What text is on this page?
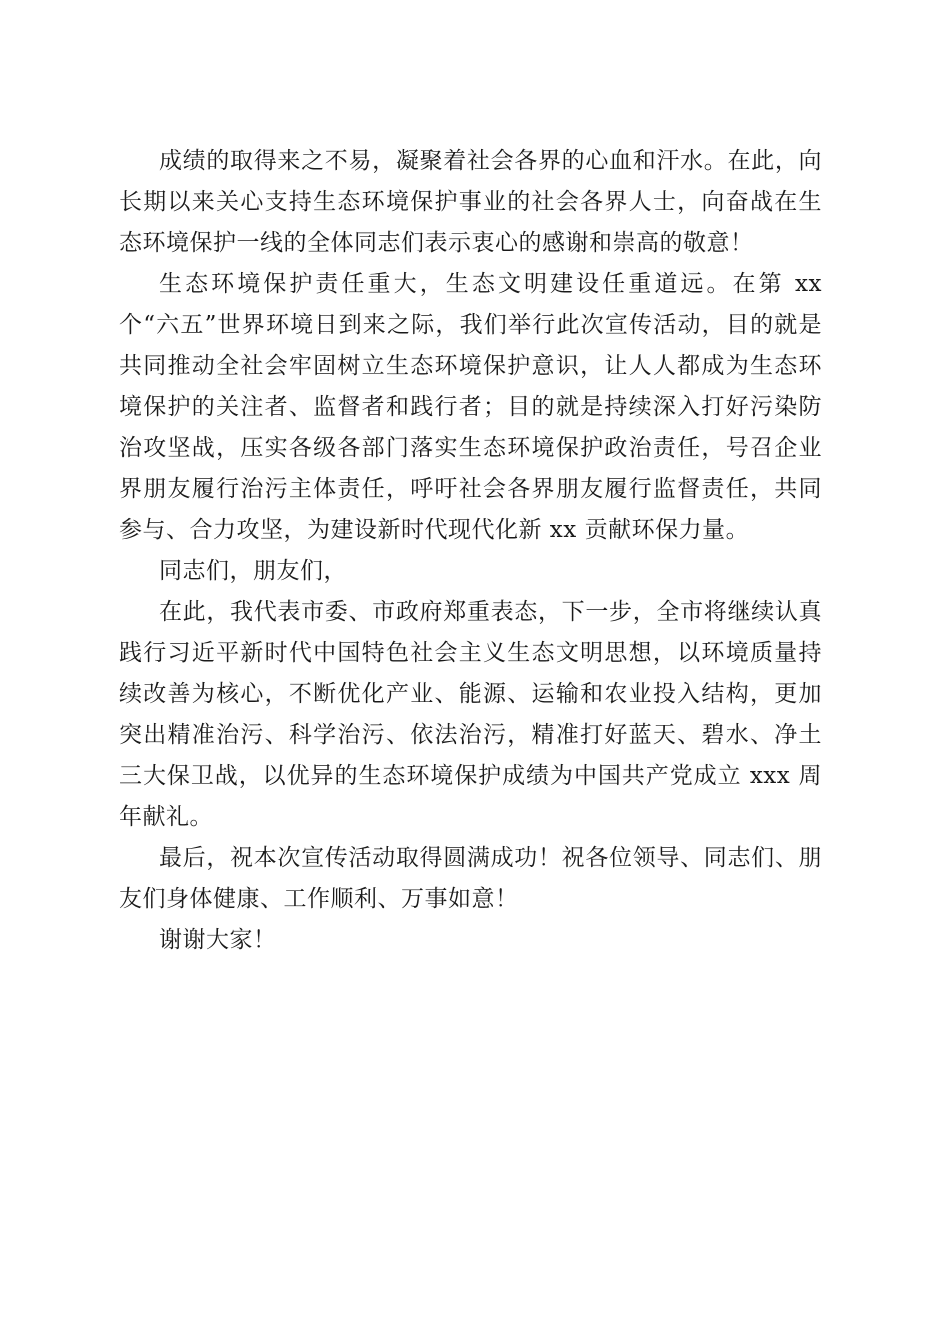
成绩的取得来之不易，凝聚着社会各界的心血和汗水。在此，向长期以来关心支持生态环境保护事业的社会各界人士，向奋战在生态环境保护一线的全体同志们表示衷心的感谢和崇高的敬意！

生态环境保护责任重大，生态文明建设任重道远。在第 xx 个“六五”世界环境日到来之际，我们举行此次宣传活动，目的就是共同推动全社会牢固树立生态环境保护意识，让人人都成为生态环境保护的关注者、监督者和践行者；目的就是持续深入打好污染防治攻坚战，压实各级各部门落实生态环境保护政治责任，号召企业界朋友履行治污主体责任，呼吁社会各界朋友履行监督责任，共同参与、合力攻坚，为建设新时代现代化新 xx 贡献环保力量。

同志们，朋友们，

在此，我代表市委、市政府郑重表态，下一步，全市将继续认真践行习近平新时代中国特色社会主义生态文明思想，以环境质量持续改善为核心，不断优化产业、能源、运输和农业投入结构，更加突出精准治污、科学治污、依法治污，精准打好蓝天、碧水、净土三大保卫战，以优异的生态环境保护成绩为中国共产党成立 xxx 周年献礼。

最后，祝本次宣传活动取得圆满成功！祝各位领导、同志们、朋友们身体健康、工作顺利、万事如意！

谢谢大家！
